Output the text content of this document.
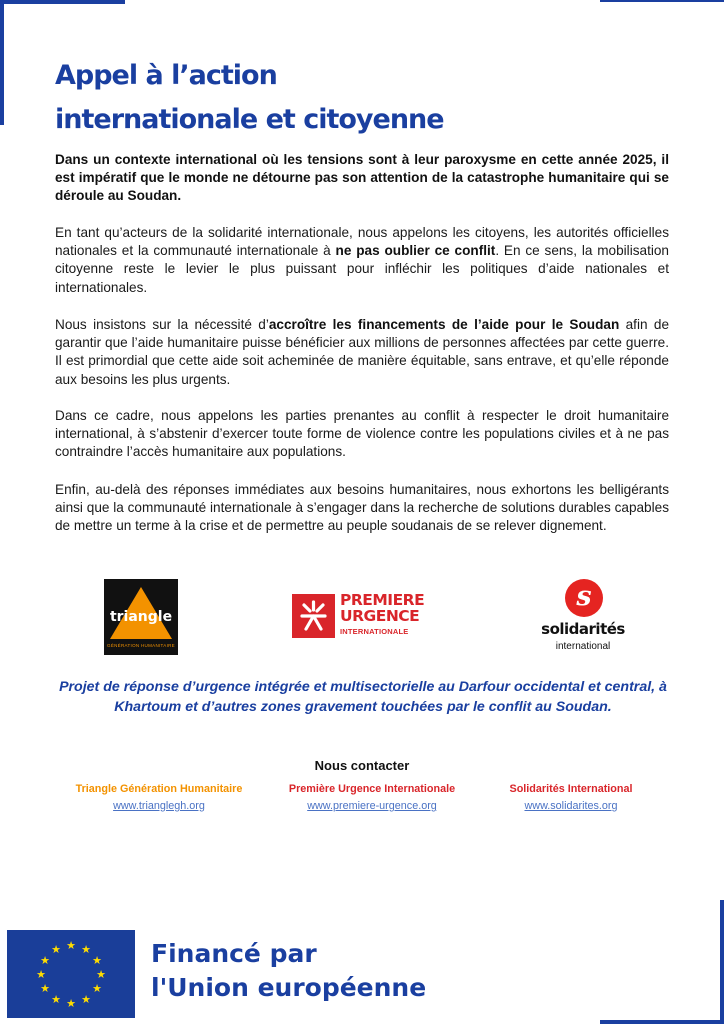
Appel à l’action
internationale et citoyenne

Dans un contexte international où les tensions sont à leur paroxysme en cette année 2025, il est impératif que le monde ne détourne pas son attention de la catastrophe humanitaire qui se déroule au Soudan.

En tant qu’acteurs de la solidarité internationale, nous appelons les citoyens, les autorités officielles nationales et la communauté internationale à ne pas oublier ce conflit. En ce sens, la mobilisation citoyenne reste le levier le plus puissant pour infléchir les politiques d’aide nationales et internationales.

Nous insistons sur la nécessité d’accroître les financements de l’aide pour le Soudan afin de garantir que l’aide humanitaire puisse bénéficier aux millions de personnes affectées par cette guerre. Il est primordial que cette aide soit acheminée de manière équitable, sans entrave, et qu’elle réponde aux besoins les plus urgents.

Dans ce cadre, nous appelons les parties prenantes au conflit à respecter le droit humanitaire international, à s’abstenir d’exercer toute forme de violence contre les populations civiles et à ne pas contraindre l’accès humanitaire aux populations.

Enfin, au-delà des réponses immédiates aux besoins humanitaires, nous exhortons les belligérants ainsi que la communauté internationale à s’engager dans la recherche de solutions durables capables de mettre un terme à la crise et de permettre au peuple soudanais de se relever dignement.

triangle
GÉNÉRATION HUMANITAIRE
PREMIERE
URGENCE
INTERNATIONALE
s
solidarités
international

Projet de réponse d’urgence intégrée et multisectorielle au Darfour occidental et central, à Khartoum et d’autres zones gravement touchées par le conflit au Soudan.

Nous contacter
Triangle Génération Humanitaire
www.trianglegh.org
Première Urgence Internationale
www.premiere-urgence.org
Solidarités International
www.solidarites.org
★ ★
★
★
★
★
★
★
★
★
★
★	Financé par
l'Union européenne
